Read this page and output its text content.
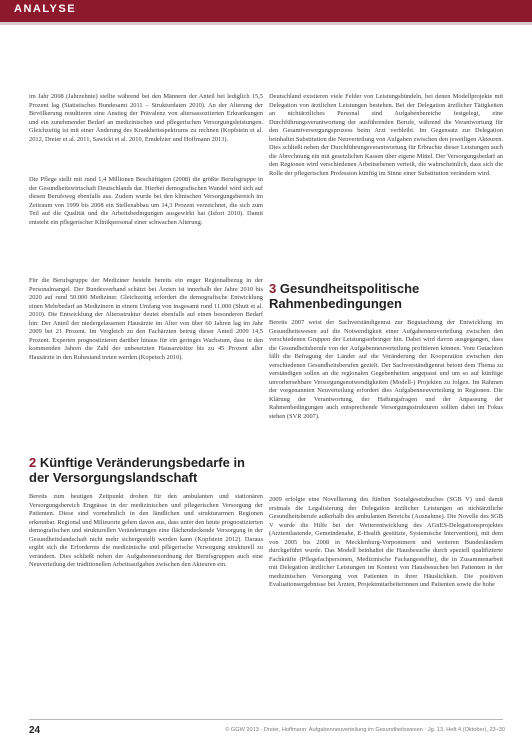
ANALYSE

im Jahr 2008 (Jahrzehnte) stellte während bei den Männern der Anteil bei lediglich 15,5 Prozent lag (Statistisches Bundesamt 2011 – Strukturdaten 2010). An der Alterung der Bevölkerung resultieren eine Anstieg der Prävalenz von altersassoziierten Erkrankungen und ein zunehmender Bedarf an medizinischen und pflegerischen Versorgungsleistungen. Gleichzeitig ist mit einer Änderung des Krankheitsspektrums zu rechnen (Kopfstein et al. 2012, Dreier et al. 2011, Sawicki et al. 2010, Emdelzier und Hoffmann 2013).

Die Pflege stellt mit rund 1,4 Millionen Beschäftigten (2008) die größte Berufsgruppe in der Gesundheitswirtschaft Deutschlands dar. Hierbei demografischen Wandel wird sich auf diesen Berufsweg ebenfalls aus. Zudem wurde bei den klinischen Versorgungsbereich im Zeitraum von 1999 bis 2008 ein Stellenabbau um 14,3 Prozent verzeichnet, die sich zum Teil auf die Qualität und die Arbeitsbedingungen ausgewirkt hat (Isfort 2010). Damit entsteht ein pflegerischer Klinikpersonal einer schwachen Alterung.

Für die Berufsgruppe der Mediziner besteht bereits ein enger Regionalbezug in der Personalmangel. Der Bundesverband schätzt bei Ärzten ist innerhalb der Jahre 2010 bis 2020 auf rund 50.000 Mediziner. Gleichzeitig erfordert die demografische Entwicklung einen Mehrbedarf an Medizinern in einem Umfang von insgesamt rund 11.000 (Shuit et al. 2010). Die Entwicklung der Altersstruktur deutet ebenfalls auf einen besonderen Bedarf hin: Der Anteil der niedergelassenen Hausärzte im Alter von über 60 Jahren lag im Jahr 2009 bei 21 Prozent. Im Vergleich zu den Fachärzten betrug dieser Anteil 2009 14,5 Prozent. Experten prognostizieren darüber hinaus für ein geringes Wachstum, dass in den kommenden Jahren die Zahl der unbesetzten Hausarztsitze bis zu 45 Prozent aller Hausärzte in den Ruhestand treten werden (Kopetsch 2010).

2 Künftige Veränderungsbedarfe in der Versorgungslandschaft

Bereits zum heutigen Zeitpunkt drohen für den ambulanten und stationären Versorgungsbereich Engpässe in der medizinischen und pflegerischen Versorgung der Patienten. Diese sind vornehmlich in den ländlichen und strukturarmen Regionen erkennbar. Regional und Milieuorte gehen davon aus, dass unter den heute prognostizierten demografischen und strukturellen Veränderungen eine flächendeckende Versorgung in der Gesundheitslandschaft nicht mehr sichergestellt werden kann (Kopfstein 2012). Daraus ergibt sich die Erfordernis die medizinische und pflegerische Versorgung strukturell zu verändern. Dies schließt neben der Aufgabenneuordnung der Berufsgruppen auch eine Neuverteilung der traditionellen Arbeitsaufgaben zwischen den Akteuren ein.

Deutschland existieren viele Felder von Leistungsbündeln, bei denen Modellprojekte mit Delegation von ärztlichen Leistungen bestehen. Bei der Delegation ärztlicher Tätigkeiten an nichtärztliches Personal sind Aufgabenbereiche festgelegt, eine Durchführungsverantwortung der ausführenden Berufe, während die Verantwortung für den Gesamtversorgungsprozess beim Arzt verbleibt. Im Gegensatz zur Delegation beinhaltet Substitution die Neuverteilung von Aufgaben zwischen den jeweiligen Akteuren. Dies schließt neben der Durchführungsverantwortung für Erbrachte dieser Leistungen auch die Abrechnung ein mit gesetzlichen Kassen über eigene Mittel. Der Versorgungsbedarf an den Regionen wird verschiedenen Arbeitsebenen verteilt, die wahrscheinlich, dass sich die Rolle der pflegerischen Profession künftig im Sinne einer Substitution verändern wird.

3 Gesundheitspolitische Rahmenbedingungen

Bereits 2007 weist der Sachverständigenrat zur Begutachtung der Entwicklung im Gesundheitswesen auf die Notwendigkeit einer Aufgabenneuverteilung zwischen den verschiedenen Gruppen der Leistungserbringer hin. Dabei wird davon ausgegangen, dass die Gesundheitsberufe von der Aufgabenneuverteilung profitieren können. Vom Gutachten fällt die Befragung der Länder auf die Veränderung der Kooperation zwischen den verschiedenen Gesundheitsberufen gezielt. Der Sachverständigenrat betont dem Thema zu verständigen sollen an die regionalen Gegebenheiten angepasst und um so auf künftige unvorhersehbare Versorgungsnotwendigkeiten (Modell-) Projekten zu folgen. Im Rahmen der vorgenannten Neuverteilung erfordert dies Aufgabenneuverteilung in Regionen. Die Klärung der Verantwortung, der Haftungsfragen und der Anpassung der Rahmenbedingungen auch entsprechende Versorgungsstrukturen sollten dabei im Fokus stehen (SVR 2007).

2009 erfolgte eine Novellierung des fünften Sozialgesetzbuches (SGB V) und damit erstmals die Legalisierung der Delegation ärztlicher Leistungen an nichtärztliche Gesundheitsberufe außerhalb des ambulanten Bereichs (Ausnahme). Die Novelle des SGB V wurde die Hilfe bei der Weiterentwicklung des AGnES-Delegationsprojektes (Arztentlastende, Gemeindenahe, E-Health gestützte, Systemische Intervention), mit dem von 2005 bis 2008 in Mecklenburg-Vorpommern und weiteren Bundesländern durchgeführt wurde. Das Modell beinhaltet die Hausbesuche durch speziell qualifizierte Fachkräfte (Pflegefachpersonen, Medizinische Fachangestellte), die in Zusammenarbeit mit Delegation ärztlicher Leistungen im Kontext von Hausbesuchen bei Patienten in der medizinischen Versorgung von Patienten in ihrer Häuslichkeit. Die positiven Evaluationsergebnisse bei Ärzten, Projektmitarbeiterinnen und Patienten sowie die hohe

24	© GGW 2013 · Dreier, Hoffmann: Aufgabenneuverteilung im Gesundheitswesen · Jg. 13, Heft 4 (Oktober), 23–30
